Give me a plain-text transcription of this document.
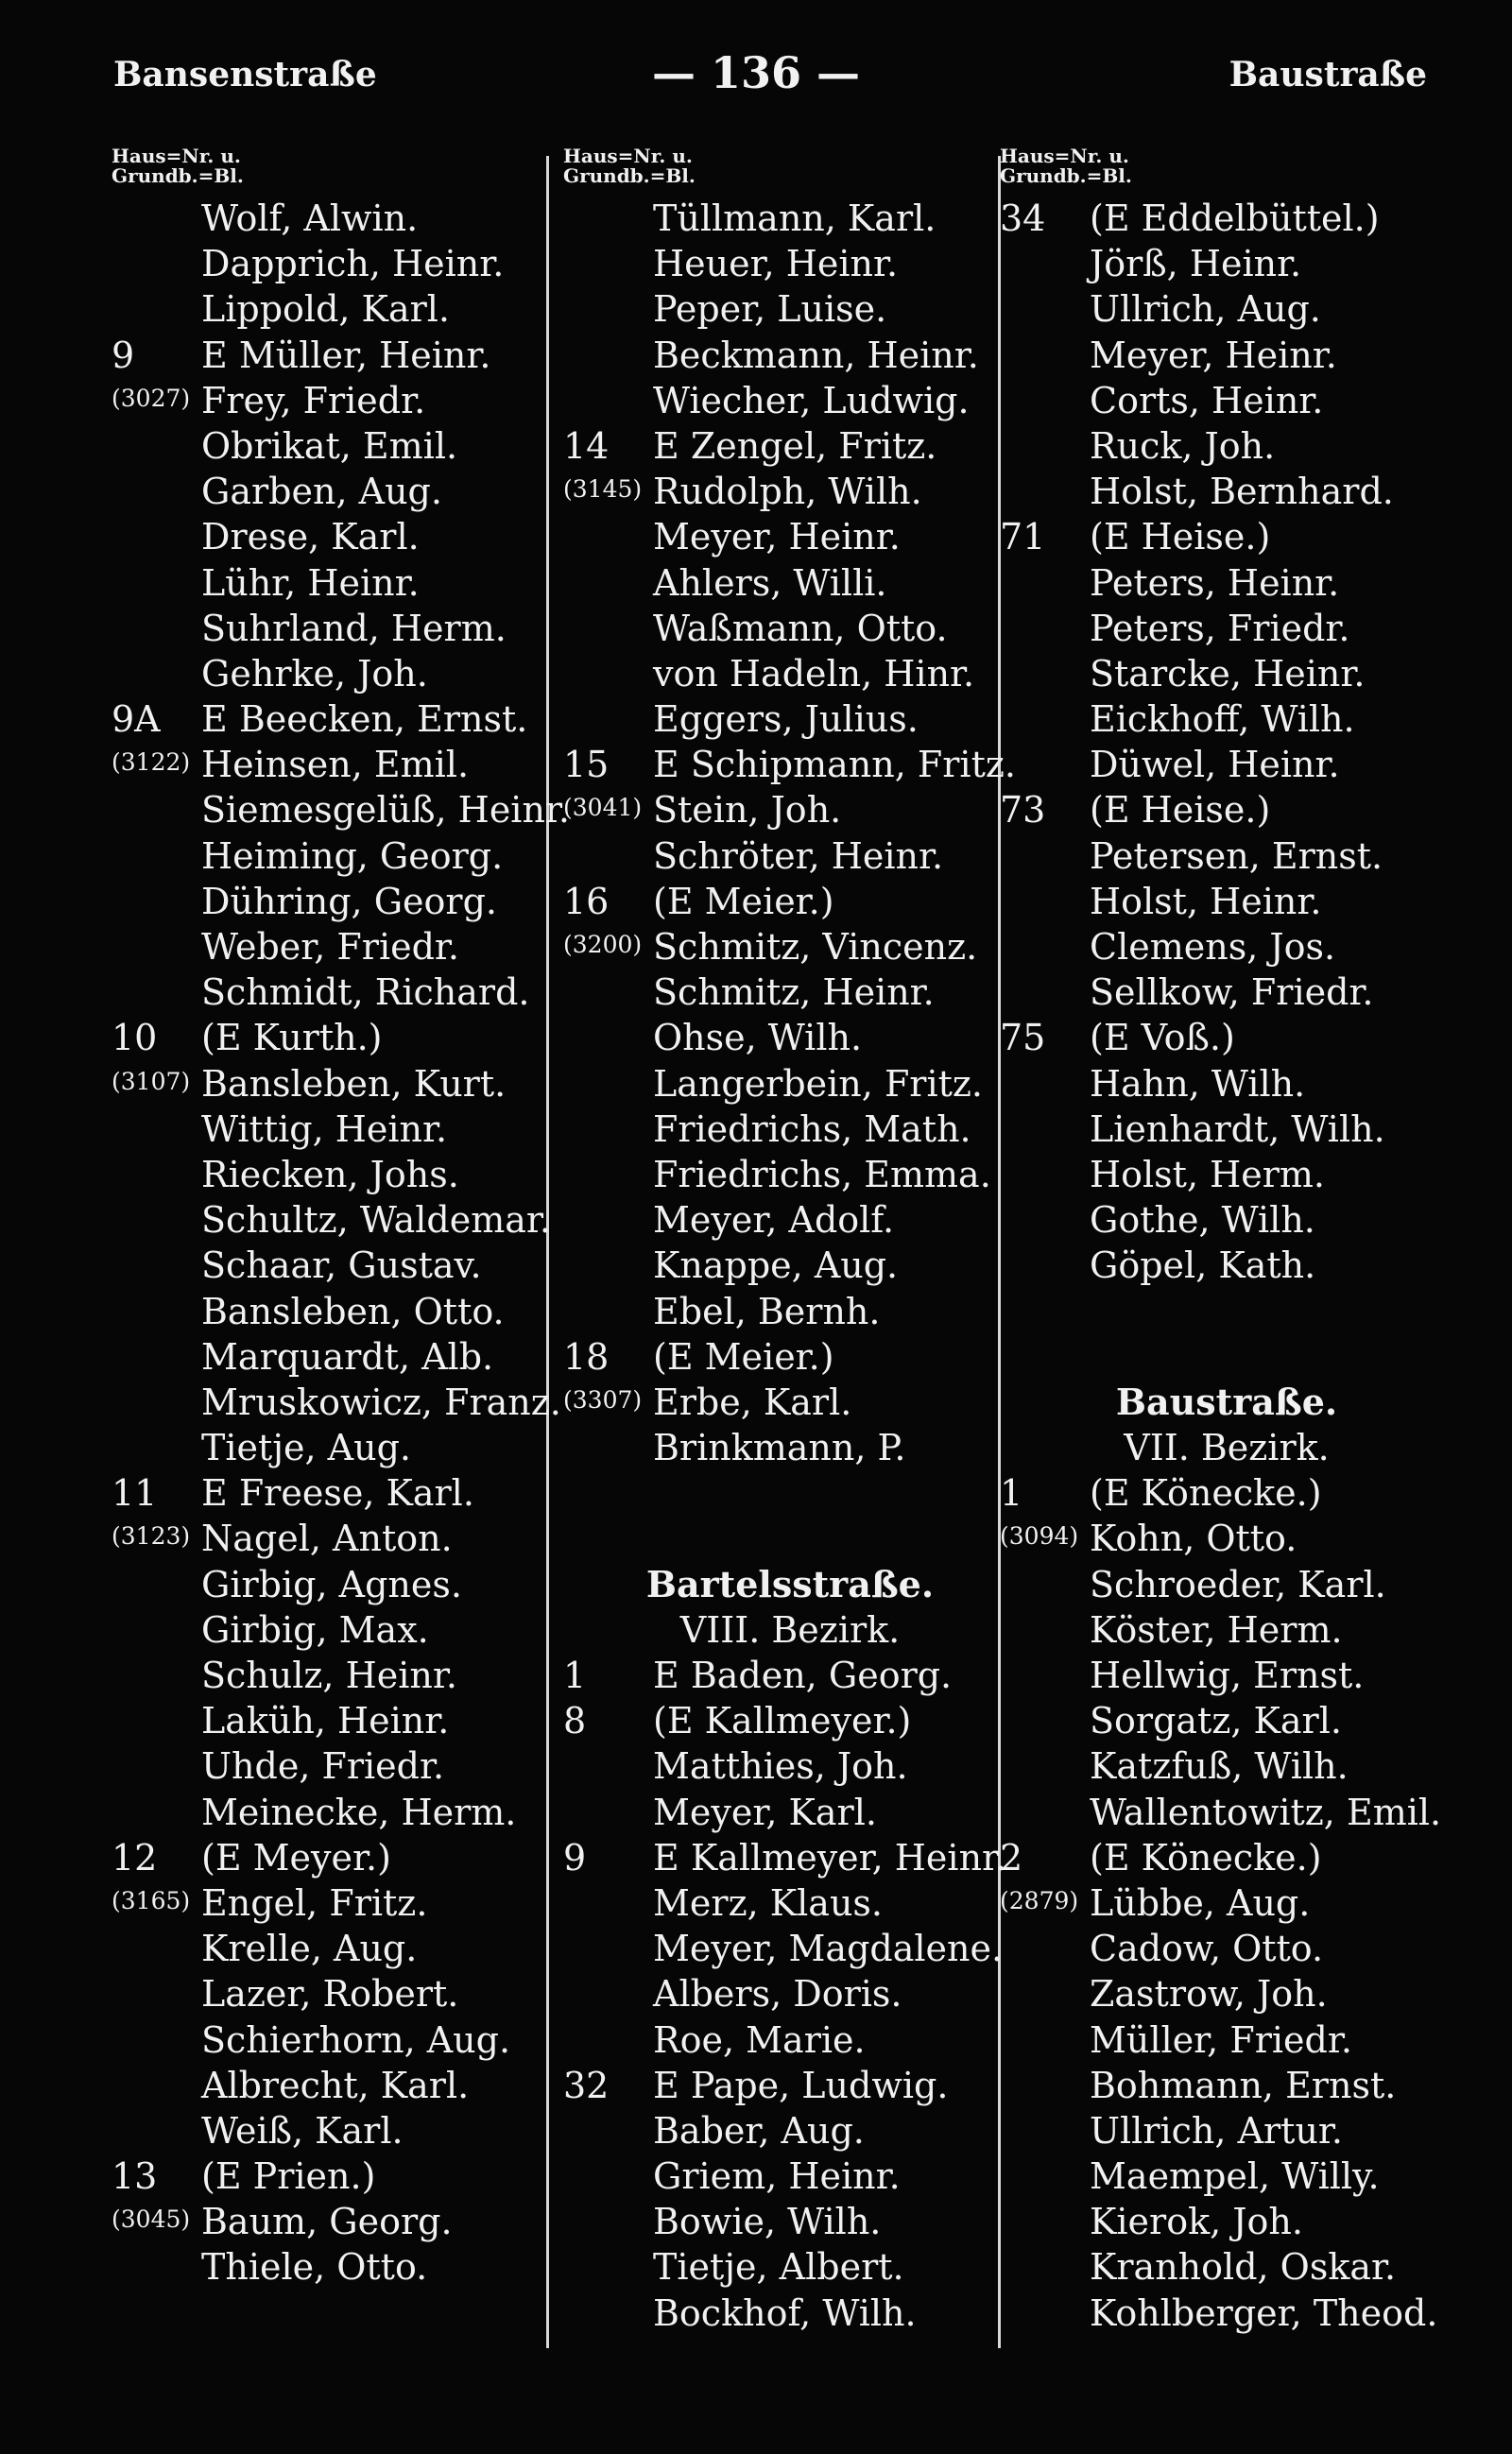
Bansenstraße	— 136 —	Baustraße
Haus=Nr. u.
Grundb.=Bl.
Wolf, Alwin.
Dapprich, Heinr.
Lippold, Karl.
9	E Müller, Heinr.
(3027) Frey, Friedr.
Obrikat, Emil.
Garben, Aug.
Drese, Karl.
Lühr, Heinr.
Suhrland, Herm.
Gehrke, Joh.
9A	E Beecken, Ernst.
(3122) Heinsen, Emil.
Siemesgelüß, Heinr.
Heiming, Georg.
Dühring, Georg.
Weber, Friedr.
Schmidt, Richard.
10	(E Kurth.)
(3107) Bansleben, Kurt.
Wittig, Heinr.
Riecken, Johs.
Schultz, Waldemar.
Schaar, Gustav.
Bansleben, Otto.
Marquardt, Alb.
Mruskowicz, Franz.
Tietje, Aug.
11	E Freese, Karl.
(3123) Nagel, Anton.
Girbig, Agnes.
Girbig, Max.
Schulz, Heinr.
Laküh, Heinr.
Uhde, Friedr.
Meinecke, Herm.
12	(E Meyer.)
(3165) Engel, Fritz.
Krelle, Aug.
Lazer, Robert.
Schierhorn, Aug.
Albrecht, Karl.
Weiß, Karl.
13	(E Prien.)
(3045) Baum, Georg.
Thiele, Otto.
Haus=Nr. u.
Grundb.=Bl.
Tüllmann, Karl.
Heuer, Heinr.
Peper, Luise.
Beckmann, Heinr.
Wiecher, Ludwig.
14	E Zengel, Fritz.
(3145) Rudolph, Wilh.
Meyer, Heinr.
Ahlers, Willi.
Waßmann, Otto.
von Hadeln, Hinr.
Eggers, Julius.
15	E Schipmann, Fritz.
(3041) Stein, Joh.
Schröter, Heinr.
16	(E Meier.)
(3200) Schmitz, Vincenz.
Schmitz, Heinr.
Ohse, Wilh.
Langerbein, Fritz.
Friedrichs, Math.
Friedrichs, Emma.
Meyer, Adolf.
Knappe, Aug.
Ebel, Bernh.
18	(E Meier.)
(3307) Erbe, Karl.
Brinkmann, P.
Bartelsstraße.
VIII. Bezirk.
1	E Baden, Georg.
8	(E Kallmeyer.)
Matthies, Joh.
Meyer, Karl.
9	E Kallmeyer, Heinr.
Merz, Klaus.
Meyer, Magdalene.
Albers, Doris.
Roe, Marie.
32	E Pape, Ludwig.
Baber, Aug.
Griem, Heinr.
Bowie, Wilh.
Tietje, Albert.
Bockhof, Wilh.
Haus=Nr. u.
Grundb.=Bl.
34	(E Eddelbüttel.)
Jörß, Heinr.
Ullrich, Aug.
Meyer, Heinr.
Corts, Heinr.
Ruck, Joh.
Holst, Bernhard.
71	(E Heise.)
Peters, Heinr.
Peters, Friedr.
Starcke, Heinr.
Eickhoff, Wilh.
Düwel, Heinr.
73	(E Heise.)
Petersen, Ernst.
Holst, Heinr.
Clemens, Jos.
Sellkow, Friedr.
75	(E Voß.)
Hahn, Wilh.
Lienhardt, Wilh.
Holst, Herm.
Gothe, Wilh.
Göpel, Kath.
Baustraße.
VII. Bezirk.
1	(E Könecke.)
(3094) Kohn, Otto.
Schroeder, Karl.
Köster, Herm.
Hellwig, Ernst.
Sorgatz, Karl.
Katzfuß, Wilh.
Wallentowitz, Emil.
2	(E Könecke.)
(2879) Lübbe, Aug.
Cadow, Otto.
Zastrow, Joh.
Müller, Friedr.
Bohmann, Ernst.
Ullrich, Artur.
Maempel, Willy.
Kierok, Joh.
Kranhold, Oskar.
Kohlberger, Theod.
